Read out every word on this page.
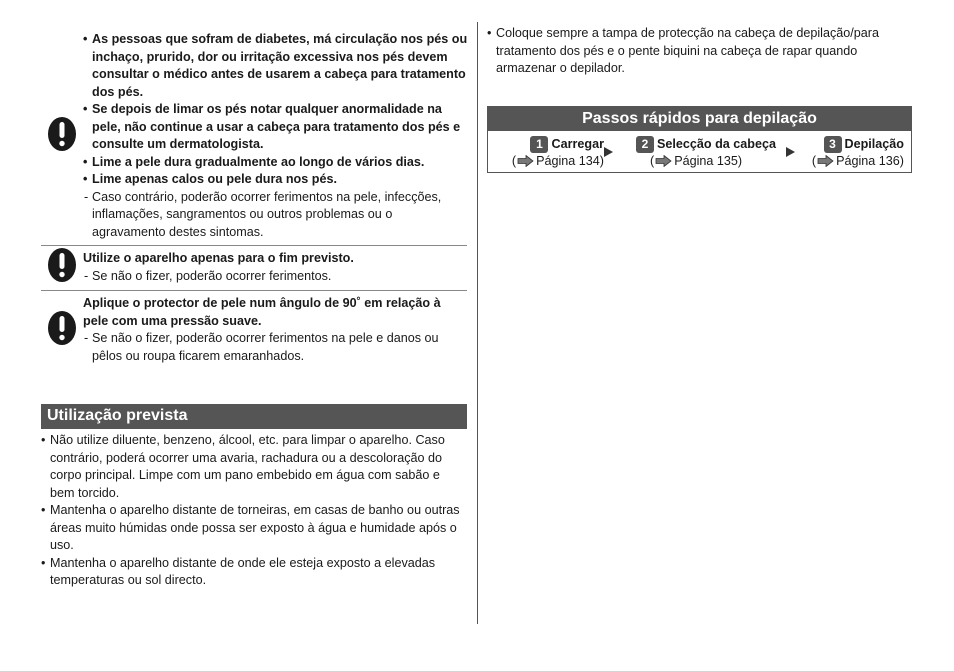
• As pessoas que sofram de diabetes, má circulação nos pés ou inchaço, prurido, dor ou irritação excessiva nos pés devem consultar o médico antes de usarem a cabeça para tratamento dos pés.
• Se depois de limar os pés notar qualquer anormalidade na pele, não continue a usar a cabeça para tratamento dos pés e consulte um dermatologista.
• Lime a pele dura gradualmente ao longo de vários dias.
• Lime apenas calos ou pele dura nos pés.
- Caso contrário, poderão ocorrer ferimentos na pele, infecções, inflamações, sangramentos ou outros problemas ou o agravamento destes sintomas.
Utilize o aparelho apenas para o fim previsto.
- Se não o fizer, poderão ocorrer ferimentos.
Aplique o protector de pele num ângulo de 90˚ em relação à pele com uma pressão suave.
- Se não o fizer, poderão ocorrer ferimentos na pele e danos ou pêlos ou roupa ficarem emaranhados.
Utilização prevista
• Não utilize diluente, benzeno, álcool, etc. para limpar o aparelho. Caso contrário, poderá ocorrer uma avaria, rachadura ou a descoloração do corpo principal. Limpe com um pano embebido em água com sabão e bem torcido.
• Mantenha o aparelho distante de torneiras, em casas de banho ou outras áreas muito húmidas onde possa ser exposto à água e humidade após o uso.
• Mantenha o aparelho distante de onde ele esteja exposto a elevadas temperaturas ou sol directo.
• Coloque sempre a tampa de protecção na cabeça de depilação/para tratamento dos pés e o pente biquini na cabeça de rapar quando armazenar o depilador.
Passos rápidos para depilação
1 Carregar
( Página 134)
2 Selecção da cabeça
( Página 135)
3 Depilação
( Página 136)
